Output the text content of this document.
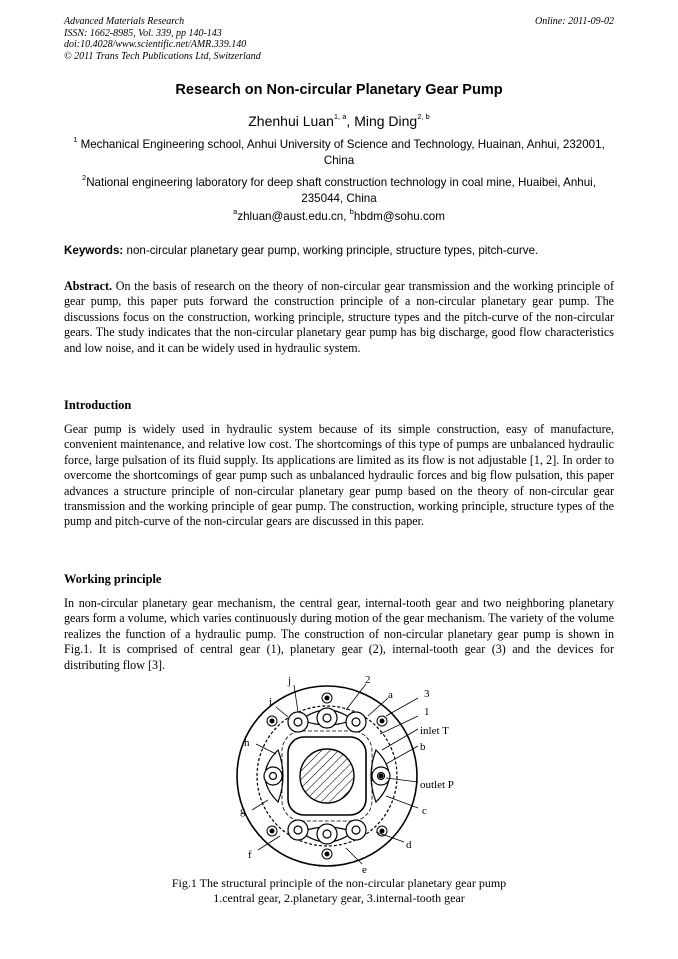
Advanced Materials Research
ISSN: 1662-8985, Vol. 339, pp 140-143
doi:10.4028/www.scientific.net/AMR.339.140
© 2011 Trans Tech Publications Ltd, Switzerland
Online: 2011-09-02
Research on Non-circular Planetary Gear Pump
Zhenhui Luan$^{1, a}$, Ming Ding$^{2, b}$
$^1$ Mechanical Engineering school, Anhui University of Science and Technology, Huainan, Anhui, 232001, China
$^2$National engineering laboratory for deep shaft construction technology in coal mine, Huaibei, Anhui, 235044, China
$^a$zhluan@aust.edu.cn, $^b$hbdm@sohu.com
Keywords: non-circular planetary gear pump, working principle, structure types, pitch-curve.
Abstract. On the basis of research on the theory of non-circular gear transmission and the working principle of gear pump, this paper puts forward the construction principle of a non-circular planetary gear pump. The discussions focus on the construction, working principle, structure types and the pitch-curve of the non-circular gears. The study indicates that the non-circular planetary gear pump has big discharge, good flow characteristics and low noise, and it can be widely used in hydraulic system.
Introduction
Gear pump is widely used in hydraulic system because of its simple construction, easy of manufacture, convenient maintenance, and relative low cost. The shortcomings of this type of pumps are unbalanced hydraulic force, large pulsation of its fluid supply. Its applications are limited as its flow is not adjustable [1, 2]. In order to overcome the shortcomings of gear pump such as unbalanced hydraulic forces and big flow pulsation, this paper advances a structure principle of non-circular planetary gear pump based on the theory of non-circular gear transmission and the working principle of gear pump. The construction, working principle, structure types of the pump and pitch-curve of the non-circular gears are discussed in this paper.
Working principle
In non-circular planetary gear mechanism, the central gear, internal-tooth gear and two neighboring planetary gears form a volume, which varies continuously during motion of the gear mechanism. The variety of the volume realizes the function of a hydraulic pump. The construction of non-circular planetary gear pump is shown in Fig.1. It is comprised of central gear (1), planetary gear (2), internal-tooth gear (3) and the devices for distributing flow [3].
j	2
3
1
i
a
inlet T
h	b
outlet P
g	c
f
d
e
Fig.1 The structural principle of the non-circular planetary gear pump
1.central gear, 2.planetary gear, 3.internal-tooth gear
